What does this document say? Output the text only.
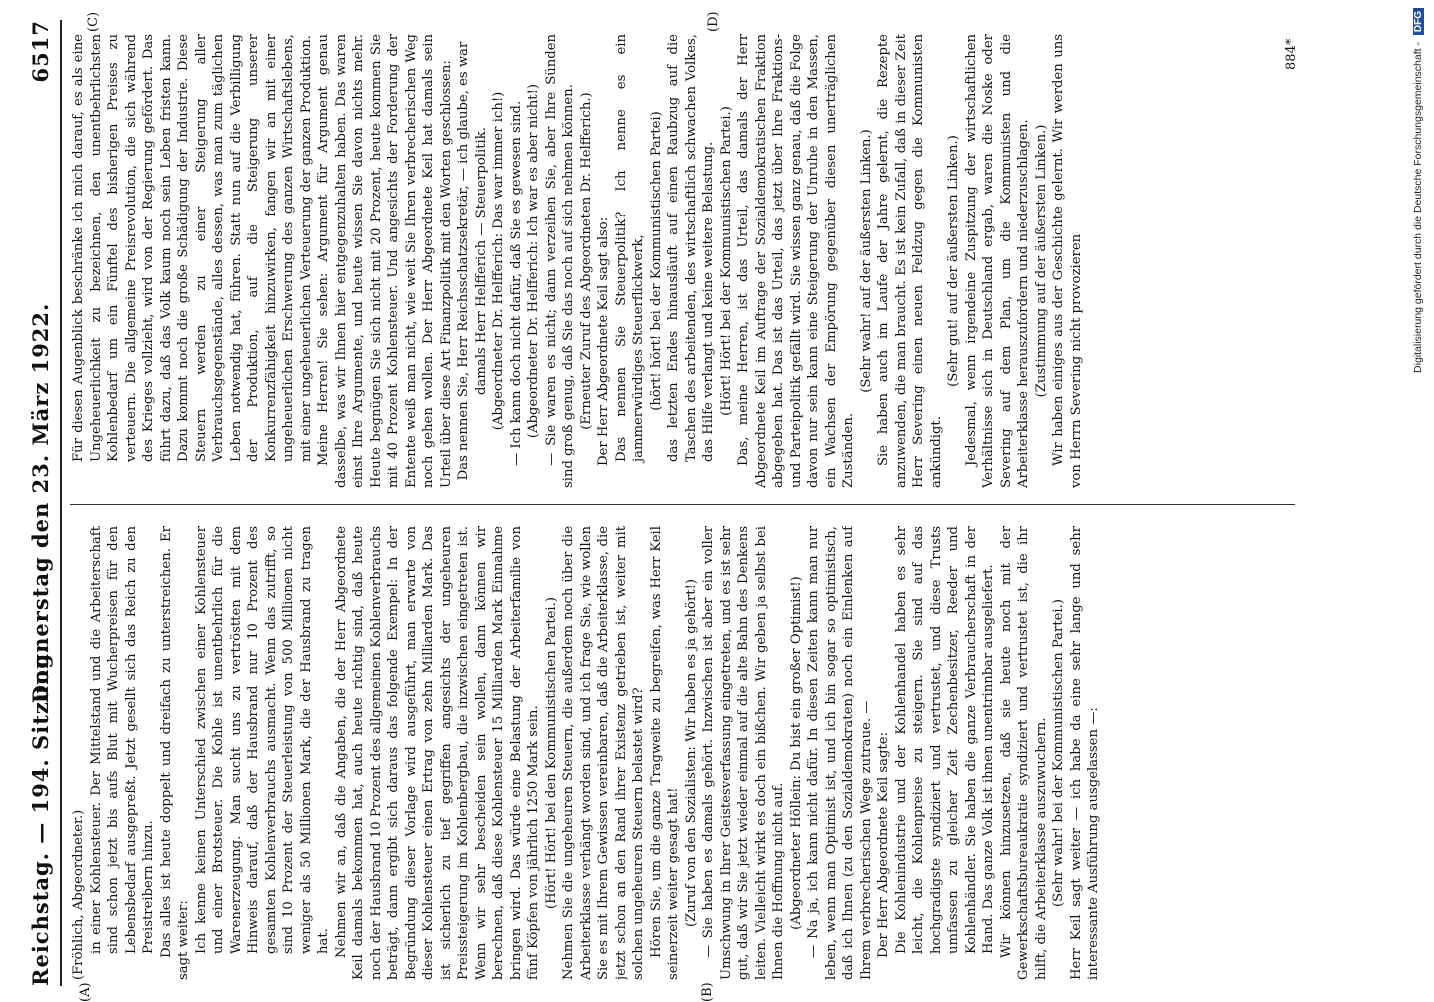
Reichstag. — 194. Sitzung.
Donnerstag den 23. März 1922.
6517
(A)	(B)
(C)	(D)

(Fröhlich, Abgeordneter.) in einer Kohlensteuer. Der Mittelstand und die Arbeiterschaft sind schon jetzt bis aufs Blut mit Wucherpreisen für den Lebensbedarf ausgepreßt. Jetzt gesellt sich das Reich zu den Preistreibern hinzu. Das alles ist heute doppelt und dreifach zu unterstreichen. Er sagt weiter: Ich kenne keinen Unterschied zwischen einer Kohlensteuer und einer Brotsteuer. Die Kohle ist unentbehrlich für die Warenerzeugung. Man sucht uns zu vertröstten mit dem Hinweis darauf, daß der Hausbrand nur 10 Prozent des gesamten Kohlenverbrauchs ausmacht. Wenn das zutrifft, so sind 10 Prozent der Steuerleistung von 500 Millionen nicht weniger als 50 Millionen Mark, die der Hausbrand zu tragen hat. Nehmen wir an, daß die Angaben, die der Herr Abgeordnete Keil damals bekommen hat, auch heute richtig sind, daß heute noch der Hausbrand 10 Prozent des allgemeinen Kohlenverbrauchs beträgt, dann ergibt sich daraus das folgende Exempel: In der Begründung dieser Vorlage wird ausgeführt, man erwarte von dieser Kohlensteuer einen Ertrag von zehn Milliarden Mark. Das ist sicherlich zu tief gegriffen angesichts der ungeheuren Preissteigerung im Kohlenbergbau, die inzwischen eingetreten ist. Wenn wir sehr bescheiden sein wollen, dann können wir berechnen, daß diese Kohlensteuer 15 Milliarden Mark Einnahme bringen wird. Das würde eine Belastung der Arbeiterfamilie von fünf Köpfen von jährlich 1250 Mark sein. (Hört! Hört! bei den Kommunistischen Partei.) Nehmen Sie die ungeheuren Steuern, die außerdem noch über die Arbeiterklasse verhängt worden sind, und ich frage Sie, wie wollen Sie es mit Ihrem Gewissen vereinbaren, daß die Arbeiterklasse, die jetzt schon an den Rand ihrer Existenz getrieben ist, weiter mit solchen ungeheuren Steuern belastet wird? Hören Sie, um die ganze Tragweite zu begreifen, was Herr Keil seinerzeit weiter gesagt hat! (Zuruf von den Sozialisten: Wir haben es ja gehört!) — Sie haben es damals gehört. Inzwischen ist aber ein voller Umschwung in Ihrer Geistesverfassung eingetreten, und es ist sehr gut, daß wir Sie jetzt wieder einmal auf die alte Bahn des Denkens leiten. Vielleicht wirkt es doch ein bißchen. Wir geben ja selbst bei Ihnen die Hoffnung nicht auf. (Abgeordneter Höllein: Du bist ein großer Optimist!) — Na ja, ich kann nicht dafür. In diesen Zeiten kann man nur leben, wenn man Optimist ist, und ich bin sogar so optimistisch, daß ich Ihnen (zu den Sozialdemokraten) noch ein Einlenken auf Ihrem verbrecherischen Wege zutraue. — Der Herr Abgeordnete Keil sagte: Die Kohlenindustrie und der Kohlenhandel haben es sehr leicht, die Kohlenpreise zu steigern. Sie sind auf das hochgradigste syndiziert und vertrustet, und diese Trusts umfassen zu gleicher Zeit Zechenbesitzer, Reeder und Kohlenhändler. Sie haben die ganze Verbraucherschaft in der Hand. Das ganze Volk ist ihnen unentrinnbar ausgeliefert. Wir können hinzusetzen, daß sie heute noch mit der Gewerkschaftsbureaukratie syndiziert und vertrustet ist, die ihr hilft, die Arbeiterklasse auszuwuchern. (Sehr wahr! bei der Kommunistischen Partei.) Herr Keil sagt weiter — ich habe da eine sehr lange und sehr interessante Ausführung ausgelassen —:

Für diesen Augenblick beschränke ich mich darauf, es als eine Ungeheuerlichkeit zu bezeichnen, den unentbehrlichsten Kohlenbedarf um ein Fünftel des bisherigen Preises zu verteuern. Die allgemeine Preisrevolution, die sich während des Krieges vollzieht, wird von der Regierung gefördert. Das führt dazu, daß das Volk kaum noch sein Leben fristen kann. Dazu kommt noch die große Schädigung der Industrie. Diese Steuern werden zu einer Steigerung aller Verbrauchsgegenstände, alles dessen, was man zum täglichen Leben notwendig hat, führen. Statt nun auf die Verbilligung der Produktion, auf die Steigerung unserer Konkurrenzfähigkeit hinzuwirken, fangen wir an mit einer ungeheuerlichen Erschwerung des ganzen Wirtschaftslebens, mit einer ungeheuerlichen Verteuerung der ganzen Produktion. Meine Herren! Sie sehen: Argument für Argument genau dasselbe, was wir Ihnen hier entgegenzuhalten haben. Das waren einst Ihre Argumente, und heute wissen Sie davon nichts mehr. Heute begnügen Sie sich nicht mit 20 Prozent, heute kommen Sie mit 40 Prozent Kohlensteuer. Und angesichts der Forderung der Entente weiß man nicht, wie weit Sie Ihren verbrecherischen Weg noch gehen wollen. Der Herr Abgeordnete Keil hat damals sein Urteil über diese Art Finanzpolitik mit den Worten geschlossen: Das nennen Sie, Herr Reichsschatzsekretär, — ich glaube, es war damals Herr Helfferich — Steuerpolitik. (Abgeordneter Dr. Helfferich: Das war immer ich!) — Ich kann doch nicht dafür, daß Sie es gewesen sind. (Abgeordneter Dr. Helfferich: Ich war es aber nicht!) — Sie waren es nicht; dann verzeihen Sie, aber Ihre Sünden sind groß genug, daß Sie das noch auf sich nehmen können. (Erneuter Zuruf des Abgeordneten Dr. Helfferich.) Der Herr Abgeordnete Keil sagt also: Das nennen Sie Steuerpolitik? Ich nenne es ein jammerwürdiges Steuerflickwerk, (hört! hört! bei der Kommunistischen Partei) das letzten Endes hinausläuft auf einen Raubzug auf die Taschen des arbeitenden, des wirtschaftlich schwachen Volkes, das Hilfe verlangt und keine weitere Belastung. (Hört! Hört! bei der Kommunistischen Partei.) Das, meine Herren, ist das Urteil, das damals der Herr Abgeordnete Keil im Auftrage der Sozialdemokratischen Fraktion abgegeben hat. Das ist das Urteil, das jetzt über Ihre Fraktions- und Parteipolitik gefällt wird. Sie wissen ganz genau, daß die Folge davon nur sein kann eine Steigerung der Unruhe in den Massen, ein Wachsen der Empörung gegenüber diesen unerträglichen Zuständen.

(Sehr wahr! auf der äußersten Linken.) Sie haben auch im Laufe der Jahre gelernt, die Rezepte anzuwenden, die man braucht. Es ist kein Zufall, daß in dieser Zeit Herr Severing einen neuen Feldzug gegen die Kommunisten ankündigt.

(Sehr gut! auf der äußersten Linken.) Jedesmal, wenn irgendeine Zuspitzung der wirtschaftlichen Verhältnisse sich in Deutschland ergab, waren die Noske oder Severing auf dem Plan, um die Kommunisten und die Arbeiterklasse herauszufordern und niederzuschlagen. (Zustimmung auf der äußersten Linken.) Wir haben einiges aus der Geschichte gelernt. Wir werden uns von Herrn Severing nicht provozieren

884*	Digitalisierung gefördert durch die Deutsche Forschungsgemeinschaft - DFG
